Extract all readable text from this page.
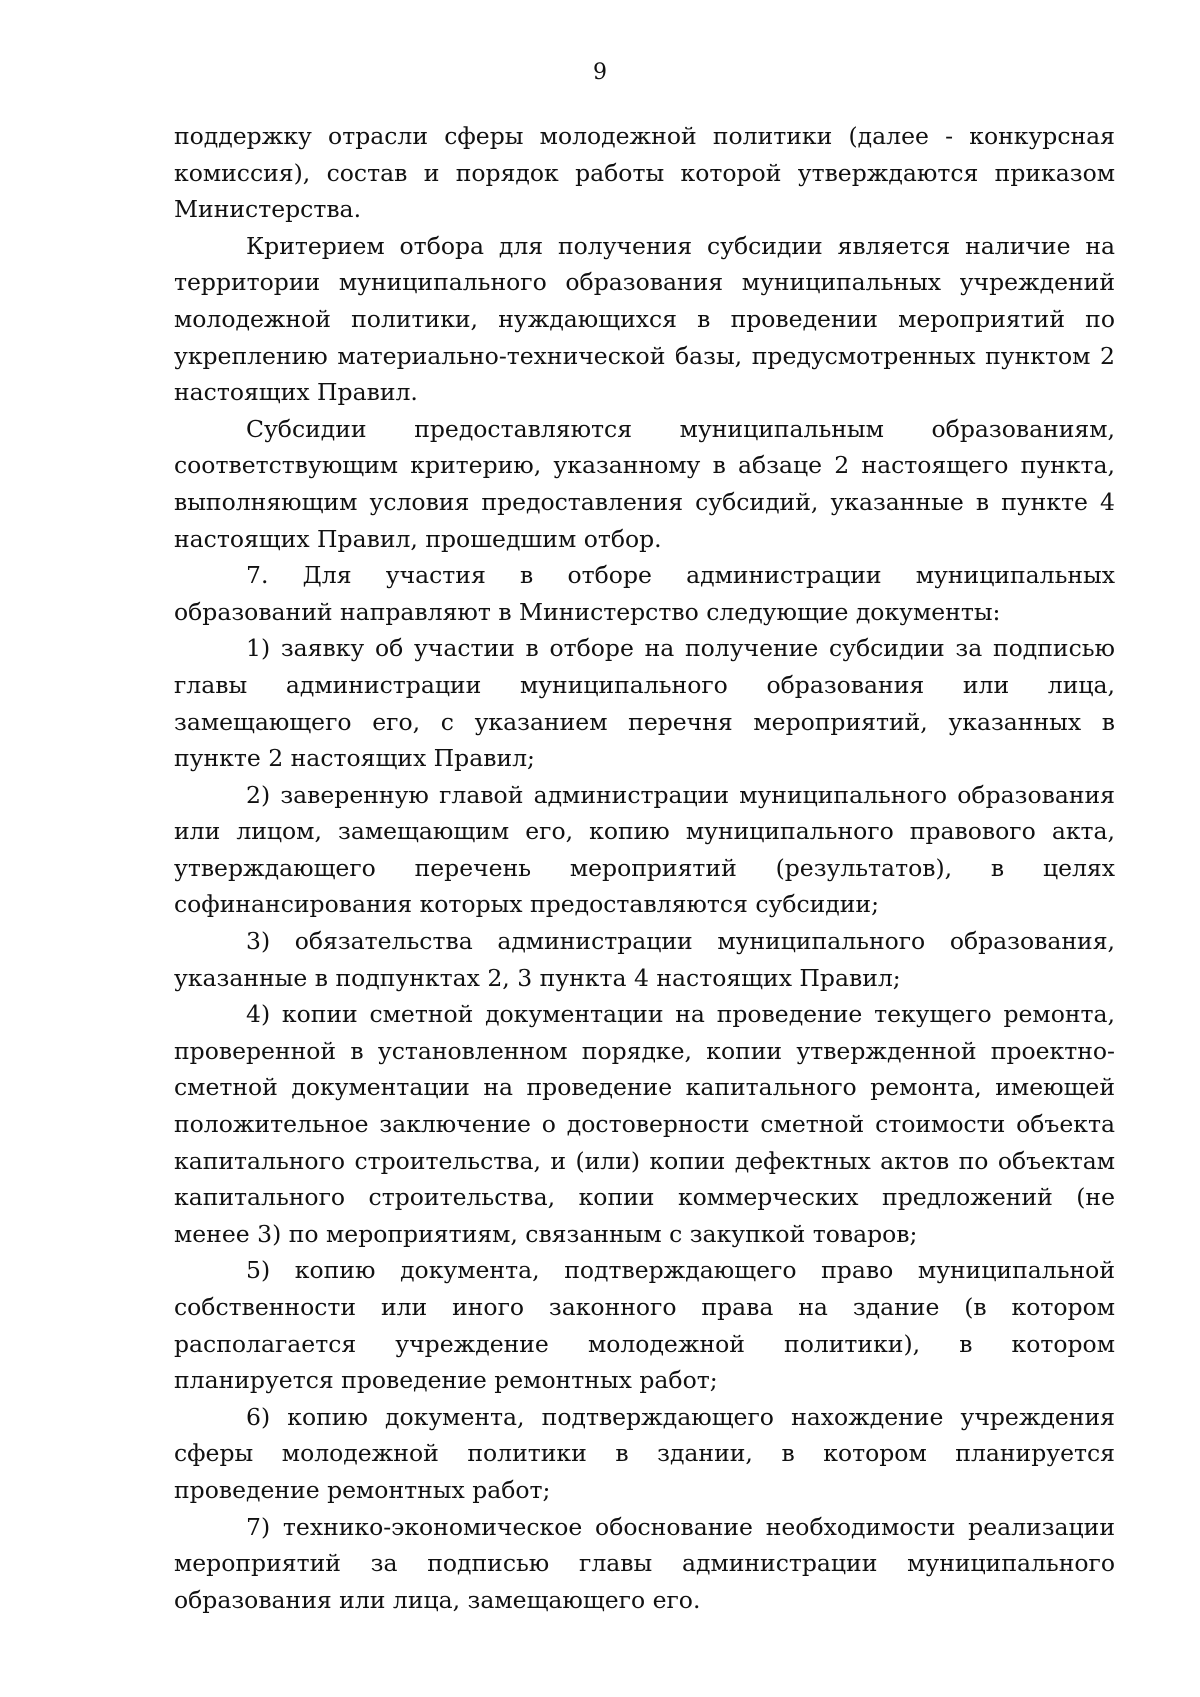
9

поддержку отрасли сферы молодежной политики (далее - конкурсная комиссия), состав и порядок работы которой утверждаются приказом Министерства.

Критерием отбора для получения субсидии является наличие на территории муниципального образования муниципальных учреждений молодежной политики, нуждающихся в проведении мероприятий по укреплению материально-технической базы, предусмотренных пунктом 2 настоящих Правил.

Субсидии предоставляются муниципальным образованиям, соответствующим критерию, указанному в абзаце 2 настоящего пункта, выполняющим условия предоставления субсидий, указанные в пункте 4 настоящих Правил, прошедшим отбор.

7. Для участия в отборе администрации муниципальных образований направляют в Министерство следующие документы:

1) заявку об участии в отборе на получение субсидии за подписью главы администрации муниципального образования или лица, замещающего его, с указанием перечня мероприятий, указанных в пункте 2 настоящих Правил;

2) заверенную главой администрации муниципального образования или лицом, замещающим его, копию муниципального правового акта, утверждающего перечень мероприятий (результатов), в целях софинансирования которых предоставляются субсидии;

3) обязательства администрации муниципального образования, указанные в подпунктах 2, 3 пункта 4 настоящих Правил;

4) копии сметной документации на проведение текущего ремонта, проверенной в установленном порядке, копии утвержденной проектно-сметной документации на проведение капитального ремонта, имеющей положительное заключение о достоверности сметной стоимости объекта капитального строительства, и (или) копии дефектных актов по объектам капитального строительства, копии коммерческих предложений (не менее 3) по мероприятиям, связанным с закупкой товаров;

5) копию документа, подтверждающего право муниципальной собственности или иного законного права на здание (в котором располагается учреждение молодежной политики), в котором планируется проведение ремонтных работ;

6) копию документа, подтверждающего нахождение учреждения сферы молодежной политики в здании, в котором планируется проведение ремонтных работ;

7) технико-экономическое обоснование необходимости реализации мероприятий за подписью главы администрации муниципального образования или лица, замещающего его.
